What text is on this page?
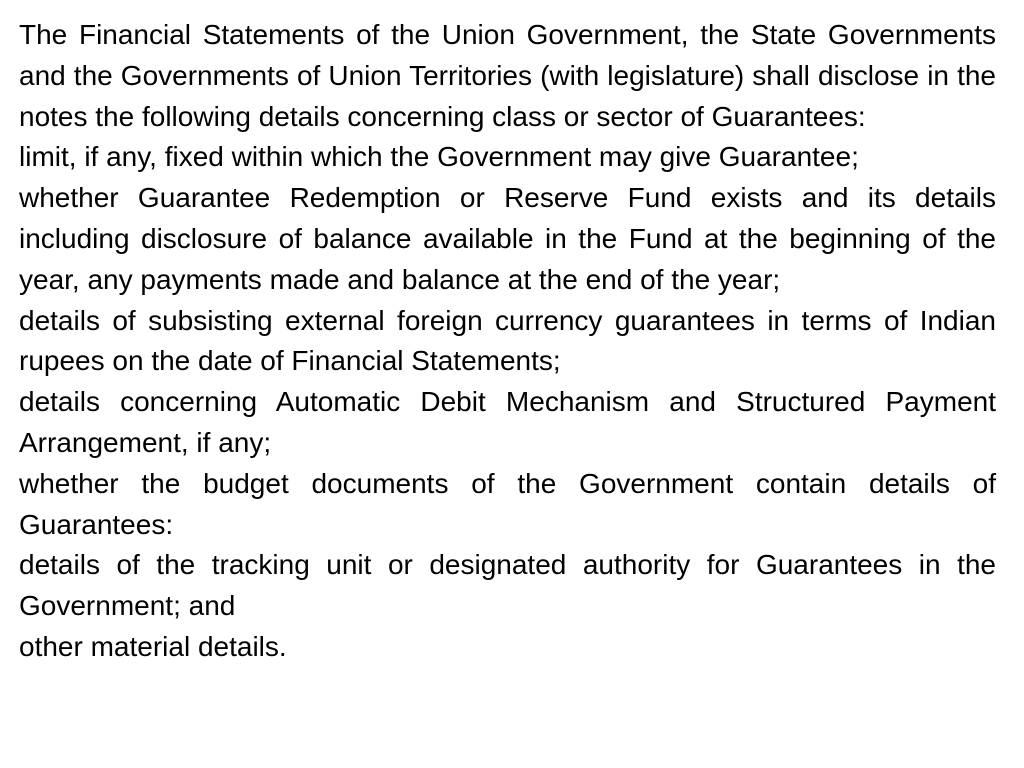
The Financial Statements of the Union Government, the State Governments and the Governments of Union Territories (with legislature) shall disclose in the notes the following details concerning class or sector of Guarantees:

limit, if any, fixed within which the Government may give Guarantee;

whether Guarantee Redemption or Reserve Fund exists and its details including disclosure of balance available in the Fund at the beginning of the year, any payments made and balance at the end of the year;

details of subsisting external foreign currency guarantees in terms of Indian rupees on the date of Financial Statements;

details concerning Automatic Debit Mechanism and Structured Payment Arrangement, if any;

whether the budget documents of the Government contain details of Guarantees:

details of the tracking unit or designated authority for Guarantees in the Government; and

other material details.
